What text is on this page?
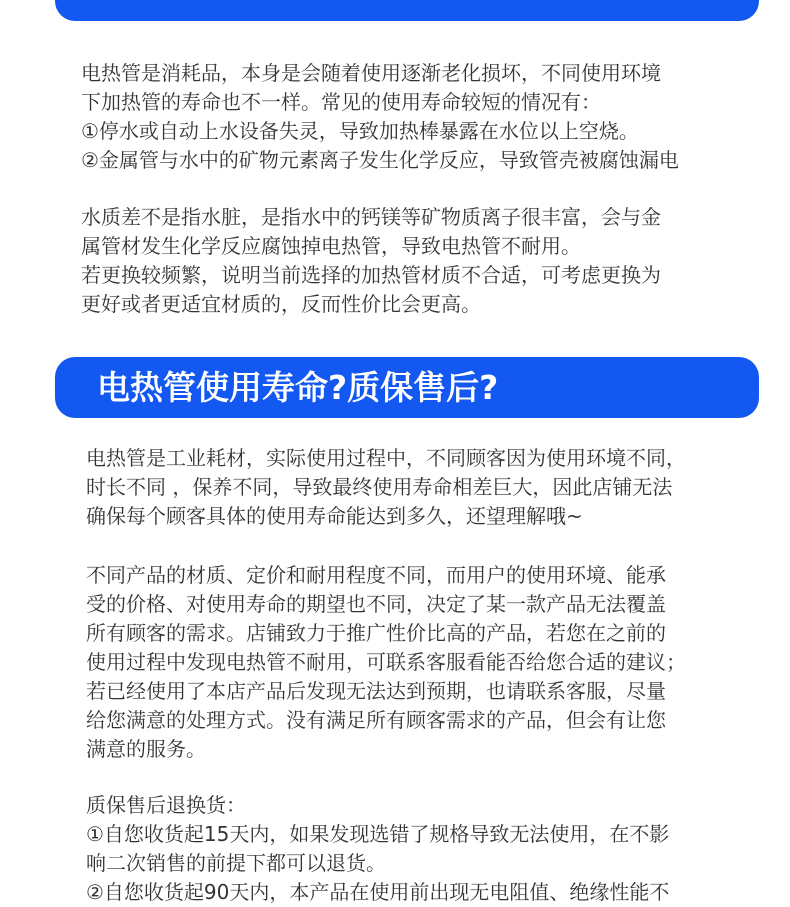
电热管是消耗品，本身是会随着使用逐渐老化损坏，不同使用环境
下加热管的寿命也不一样。常见的使用寿命较短的情况有：
①停水或自动上水设备失灵，导致加热棒暴露在水位以上空烧。
②金属管与水中的矿物元素离子发生化学反应，导致管壳被腐蚀漏电
水质差不是指水脏，是指水中的钙镁等矿物质离子很丰富，会与金
属管材发生化学反应腐蚀掉电热管，导致电热管不耐用。
若更换较频繁，说明当前选择的加热管材质不合适，可考虑更换为
更好或者更适宜材质的，反而性价比会更高。
电热管使用寿命?质保售后?
电热管是工业耗材，实际使用过程中，不同顾客因为使用环境不同，
时长不同 ，保养不同，导致最终使用寿命相差巨大，因此店铺无法
确保每个顾客具体的使用寿命能达到多久，还望理解哦~
不同产品的材质、定价和耐用程度不同，而用户的使用环境、能承
受的价格、对使用寿命的期望也不同，决定了某一款产品无法覆盖
所有顾客的需求。店铺致力于推广性价比高的产品，若您在之前的
使用过程中发现电热管不耐用，可联系客服看能否给您合适的建议；
若已经使用了本店产品后发现无法达到预期，也请联系客服，尽量
给您满意的处理方式。没有满足所有顾客需求的产品，但会有让您
满意的服务。
质保售后退换货：
①自您收货起15天内，如果发现选错了规格导致无法使用，在不影
响二次销售的前提下都可以退货。
②自您收货起90天内，本产品在使用前出现无电阻值、绝缘性能不
